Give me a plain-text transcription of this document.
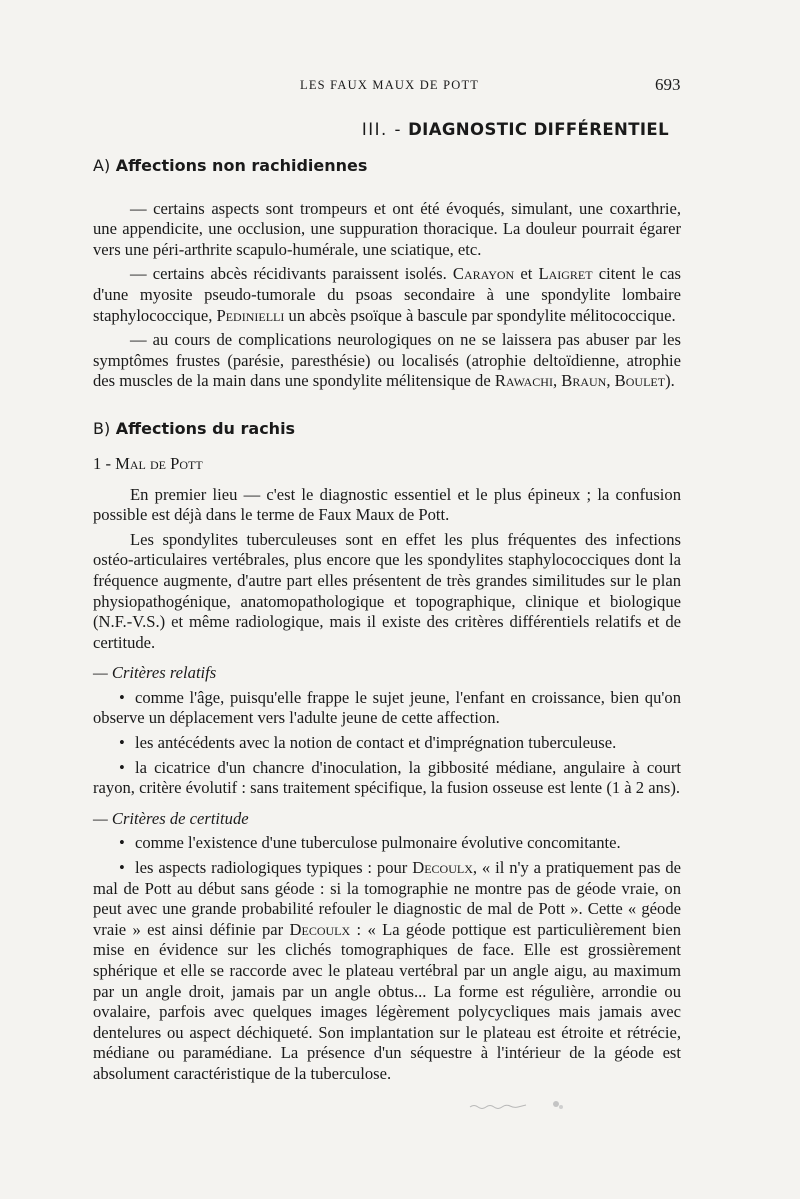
LES FAUX MAUX DE POTT	693
III. - DIAGNOSTIC DIFFÉRENTIEL
A) Affections non rachidiennes

— certains aspects sont trompeurs et ont été évoqués, simulant, une coxarthrie, une appendicite, une occlusion, une suppuration thoracique. La douleur pourrait égarer vers une péri-arthrite scapulo-humérale, une sciatique, etc.

— certains abcès récidivants paraissent isolés. Carayon et Laigret citent le cas d'une myosite pseudo-tumorale du psoas secondaire à une spondylite lombaire staphylococcique, Pedinielli un abcès psoïque à bascule par spondylite mélitococcique.

— au cours de complications neurologiques on ne se laissera pas abuser par les symptômes frustes (parésie, paresthésie) ou localisés (atrophie deltoïdienne, atrophie des muscles de la main dans une spondylite mélitensique de Rawachi, Braun, Boulet).

B) Affections du rachis

1 - Mal de Pott

En premier lieu — c'est le diagnostic essentiel et le plus épineux ; la confusion possible est déjà dans le terme de Faux Maux de Pott.

Les spondylites tuberculeuses sont en effet les plus fréquentes des infections ostéo-articulaires vertébrales, plus encore que les spondylites staphylococciques dont la fréquence augmente, d'autre part elles présentent de très grandes similitudes sur le plan physiopathogénique, anatomopathologique et topographique, clinique et biologique (N.F.-V.S.) et même radiologique, mais il existe des critères différentiels relatifs et de certitude.

— Critères relatifs

• comme l'âge, puisqu'elle frappe le sujet jeune, l'enfant en croissance, bien qu'on observe un déplacement vers l'adulte jeune de cette affection.

• les antécédents avec la notion de contact et d'imprégnation tuberculeuse.

• la cicatrice d'un chancre d'inoculation, la gibbosité médiane, angulaire à court rayon, critère évolutif : sans traitement spécifique, la fusion osseuse est lente (1 à 2 ans).

— Critères de certitude

• comme l'existence d'une tuberculose pulmonaire évolutive concomitante.

• les aspects radiologiques typiques : pour Decoulx, « il n'y a pratiquement pas de mal de Pott au début sans géode : si la tomographie ne montre pas de géode vraie, on peut avec une grande probabilité refouler le diagnostic de mal de Pott ». Cette « géode vraie » est ainsi définie par Decoulx : « La géode pottique est particulièrement bien mise en évidence sur les clichés tomographiques de face. Elle est grossièrement sphérique et elle se raccorde avec le plateau vertébral par un angle aigu, au maximum par un angle droit, jamais par un angle obtus... La forme est régulière, arrondie ou ovalaire, parfois avec quelques images légèrement polycycliques mais jamais avec dentelures ou aspect déchiqueté. Son implantation sur le plateau est étroite et rétrécie, médiane ou paramédiane. La présence d'un séquestre à l'intérieur de la géode est absolument caractéristique de la tuberculose.
